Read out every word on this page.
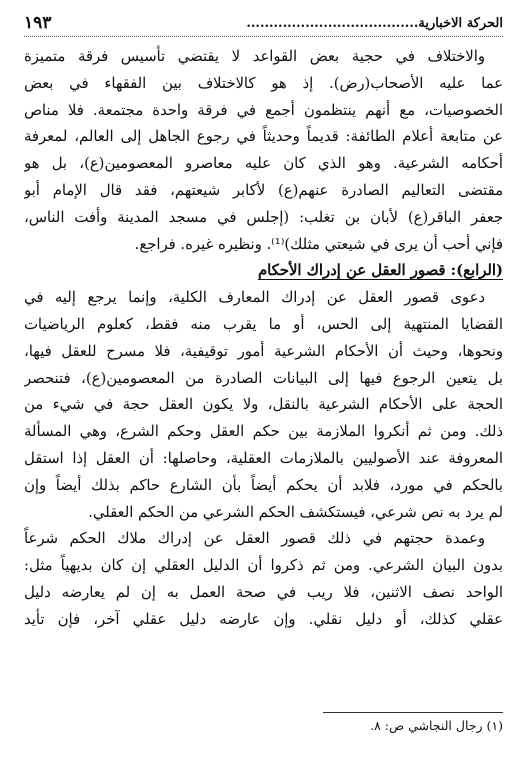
الحركة الاخبارية......................................
١٩٣
والاختلاف في حجية بعض القواعد لا يقتضي تأسيس فرقة متميزة
عما عليه الأصحاب(رض). إذ هو كالاختلاف بين الفقهاء في بعض
الخصوصيات، مع أنهم ينتظمون أجمع في فرقة واحدة مجتمعة. فلا مناص
عن متابعة أعلام الطائفة: قديماً وحديثاً في رجوع الجاهل إلى العالم، لمعرفة
أحكامه الشرعية. وهو الذي كان عليه معاصرو المعصومين(ع)، بل هو
مقتضى التعاليم الصادرة عنهم(ع) لأكابر شيعتهم، فقد قال الإمام أبو
جعفر الباقر(ع) لأبان بن تغلب: (إجلس في مسجد المدينة وأفت الناس،
فإني أحب أن يرى في شيعتي مثلك)⁽¹⁾. ونظيره غيره. فراجع.
(الرابع): قصور العقل عن إدراك الأحكام
دعوى قصور العقل عن إدراك المعارف الكلية، وإنما يرجع إليه في
القضايا المنتهية إلى الحس، أو ما يقرب منه فقط، كعلوم الرياضيات
ونحوها، وحيث أن الأحكام الشرعية أمور توقيفية، فلا مسرح للعقل فيها،
بل يتعين الرجوع فيها إلى البيانات الصادرة من المعصومين(ع)، فتنحصر
الحجة على الأحكام الشرعية بالنقل، ولا يكون العقل حجة في شيء من
ذلك. ومن ثم أنكروا الملازمة بين حكم العقل وحكم الشرع، وهي المسألة
المعروفة عند الأصوليين بالملازمات العقلية، وحاصلها: أن العقل إذا استقل
بالحكم في مورد، فلابد أن يحكم أيضاً بأن الشارع حاكم بذلك أيضاً وإن
لم يرد به نص شرعي، فيستكشف الحكم الشرعي من الحكم العقلي.
وعمدة حجتهم في ذلك قصور العقل عن إدراك ملاك الحكم شرعاً
بدون البيان الشرعي. ومن ثم ذكروا أن الدليل العقلي إن كان بديهياً مثل:
الواحد نصف الاثنين، فلا ريب في صحة العمل به إن لم يعارضه دليل
عقلي كذلك، أو دليل نقلي. وإن عارضه دليل عقلي آخر، فإن تأيد
(١) رجال النجاشي ص: ٨.
